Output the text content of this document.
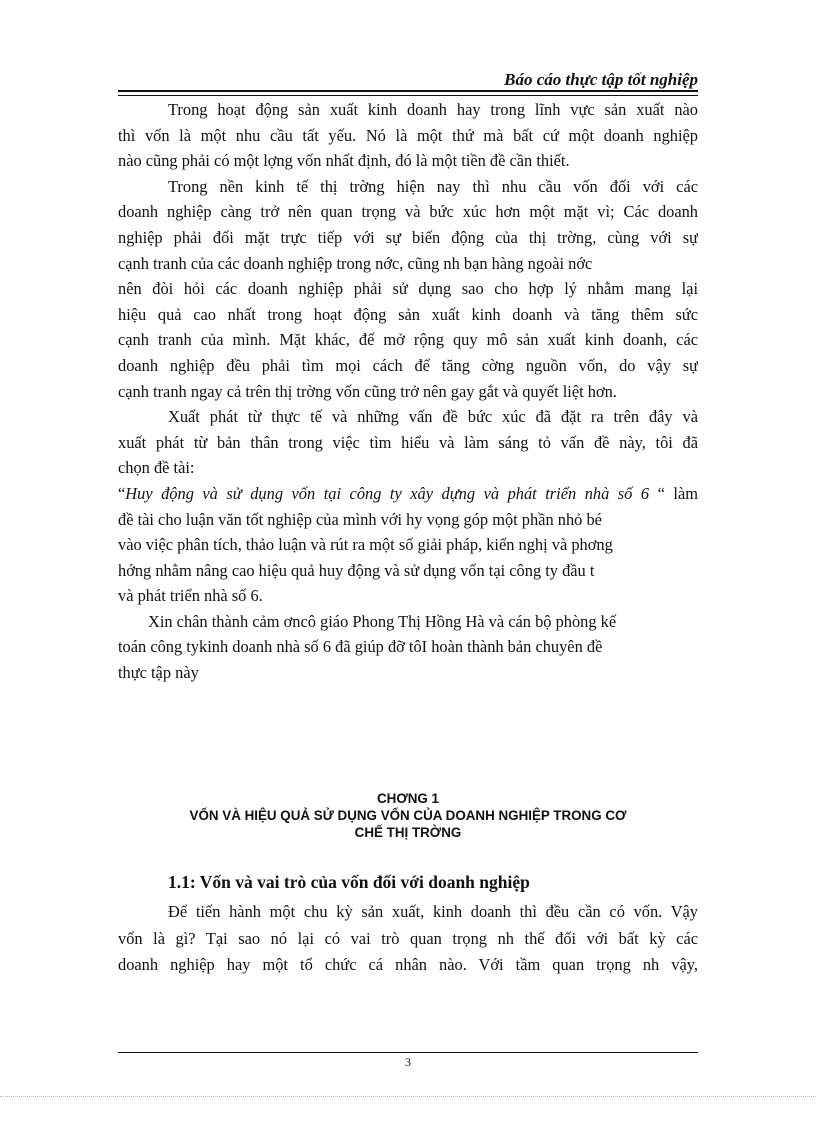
Báo cáo thực tập tốt nghiệp
Trong hoạt động sản xuất kinh doanh hay trong lĩnh vực sản xuất nào
thì vốn là một nhu cầu tất yếu. Nó là một thứ mà bất cứ một doanh nghiệp
nào cũng phải có một lợng vốn nhất định, đó là một tiền đề cần thiết.
Trong nền kinh tế thị trờng hiện nay thì nhu cầu vốn đối với các
doanh nghiệp càng trở nên quan trọng và bức xúc hơn một mặt vì; Các doanh
nghiệp phải đối mặt trực tiếp với sự biến động của thị trờng, cùng với sự
cạnh tranh của các doanh nghiệp trong nớc, cũng nh bạn hàng ngoài nớc
nên đòi hỏi các doanh nghiệp phải sử dụng sao cho hợp lý nhằm mang lại
hiệu quả cao nhất trong hoạt động sản xuất kinh doanh và tăng thêm sức
cạnh tranh của mình. Mặt khác, để mở rộng quy mô sản xuất kinh doanh, các
doanh nghiệp đều phải tìm mọi cách để tăng cờng nguồn vốn, do vậy sự
cạnh tranh ngay cả trên thị trờng vốn cũng trở nên gay gắt và quyết liệt hơn.
Xuất phát từ thực tế và những vấn đề bức xúc đã đặt ra trên đây và
xuất phát từ bản thân trong việc tìm hiểu và làm sáng tỏ vấn đề này, tôi đã
chọn đề tài:
“Huy động và sử dụng vốn tại công ty xây dựng và phát triển nhà số 6 “ làm
đề tài cho luận văn tốt nghiệp của mình với hy vọng góp một phần nhỏ bé
vào việc phân tích, thảo luận và rút ra một số giải pháp, kiến nghị và phơng
hớng nhằm nâng cao hiệu quả huy động và sử dụng vốn tại công ty đầu t
và phát triển nhà số 6.
Xin chân thành cảm ơncô giáo Phong Thị Hồng Hà và cán bộ phòng kế
toán công tykinh doanh nhà số 6 đã giúp đỡ tôI hoàn thành bản chuyên đề
thực tập này
CHƠNG 1
VỐN VÀ HIỆU QUẢ SỬ DỤNG VỐN CỦA DOANH NGHIỆP TRONG CƠ
CHẾ THỊ TRỜNG
1.1: Vốn và vai trò của vốn đối với doanh nghiệp
Để tiến hành một chu kỳ sản xuất, kinh doanh thì đều cần có vốn. Vậy
vốn là gì? Tại sao nó lại có vai trò quan trọng nh thế đối với bất kỳ các
doanh nghiệp hay một tổ chức cá nhân nào. Với tầm quan trọng nh vậy,
3
